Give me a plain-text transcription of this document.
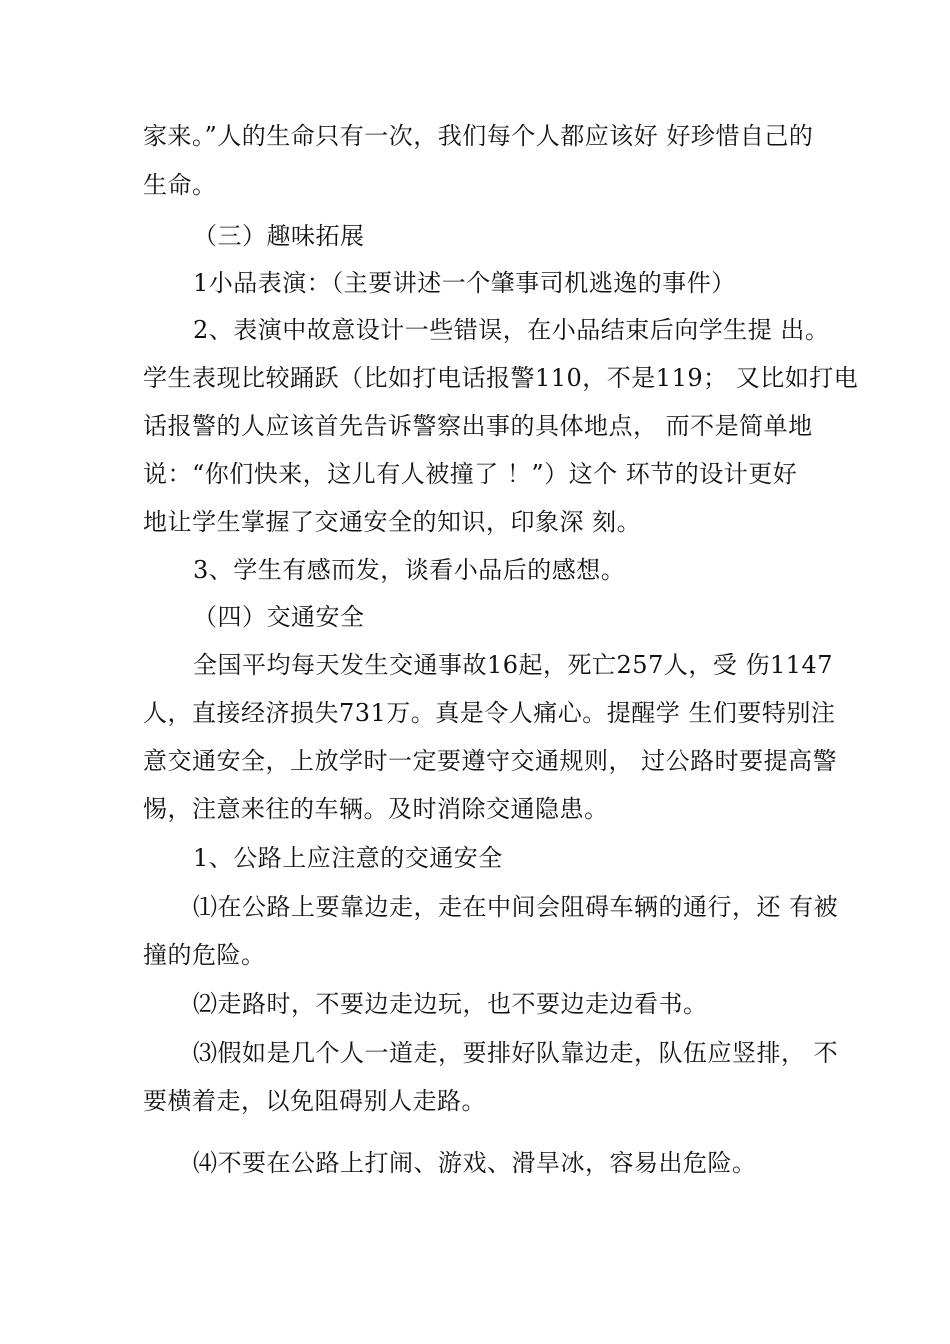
家来。”人的生命只有一次，我们每个人都应该好 好珍惜自己的
生命。
（三）趣味拓展
1小品表演：（主要讲述一个肇事司机逃逸的事件）
2、表演中故意设计一些错误，在小品结束后向学生提 出。
学生表现比较踊跃（比如打电话报警110，不是119； 又比如打电
话报警的人应该首先告诉警察出事的具体地点， 而不是简单地
说：“你们快来，这儿有人被撞了 ！”）这个 环节的设计更好
地让学生掌握了交通安全的知识，印象深 刻。
3、学生有感而发，谈看小品后的感想。
（四）交通安全
全国平均每天发生交通事故16起，死亡257人，受 伤1147
人，直接经济损失731万。真是令人痛心。提醒学 生们要特别注
意交通安全，上放学时一定要遵守交通规则， 过公路时要提高警
惕，注意来往的车辆。及时消除交通隐患。
1、公路上应注意的交通安全
⑴在公路上要靠边走，走在中间会阻碍车辆的通行，还 有被
撞的危险。
⑵走路时，不要边走边玩，也不要边走边看书。
⑶假如是几个人一道走，要排好队靠边走，队伍应竖排， 不
要横着走，以免阻碍别人走路。
⑷不要在公路上打闹、游戏、滑旱冰，容易出危险。
